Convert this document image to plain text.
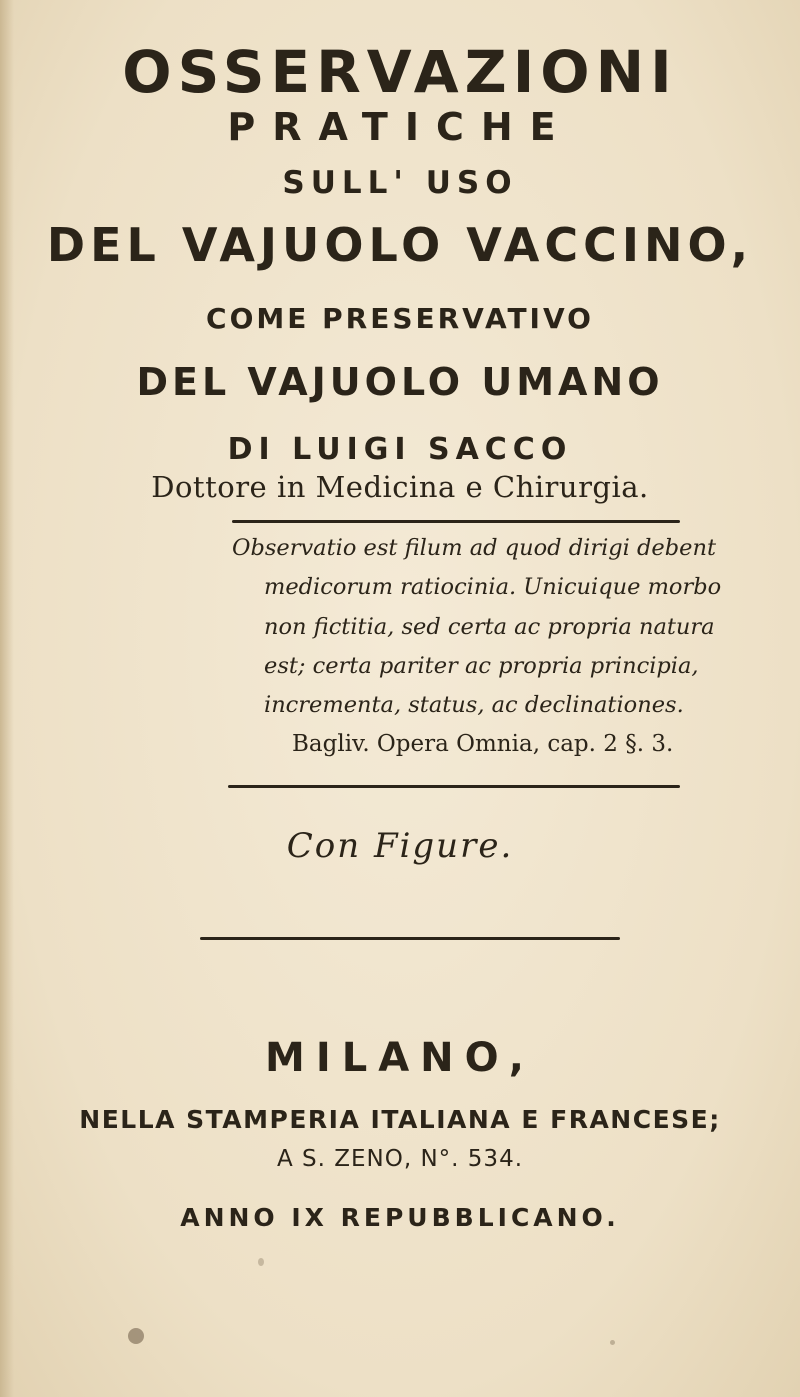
OSSERVAZIONI
PRATICHE
SULL' USO
DEL VAJUOLO VACCINO,
COME PRESERVATIVO
DEL VAJUOLO UMANO
DI LUIGI SACCO
Dottore in Medicina e Chirurgia.
Observatio est filum ad quod dirigi debent
medicorum ratiocinia. Unicuique morbo
non fictitia, sed certa ac propria natura
est; certa pariter ac propria principia,
incrementa, status, ac declinationes.
Con Figure.
MILANO,
NELLA STAMPERIA ITALIANA E FRANCESE;
A S. ZENO, N°. 534.
ANNO IX REPUBBLICANO.
Bagliv. Opera Omnia, cap. 2 §. 3.
